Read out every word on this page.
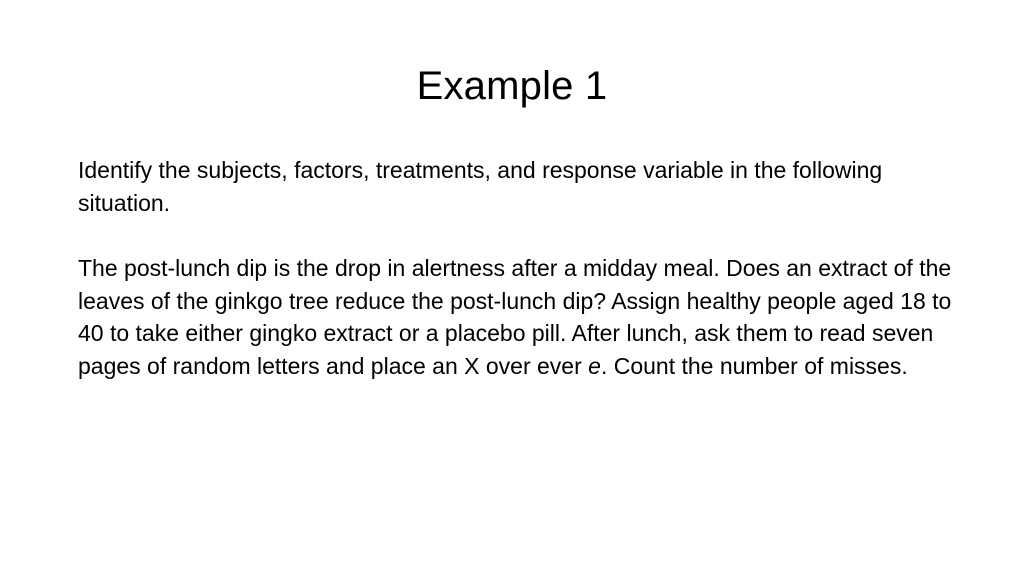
Example 1

Identify the subjects, factors, treatments, and response variable in the following situation.

The post-lunch dip is the drop in alertness after a midday meal. Does an extract of the leaves of the ginkgo tree reduce the post-lunch dip? Assign healthy people aged 18 to 40 to take either gingko extract or a placebo pill. After lunch, ask them to read seven pages of random letters and place an X over ever e. Count the number of misses.
